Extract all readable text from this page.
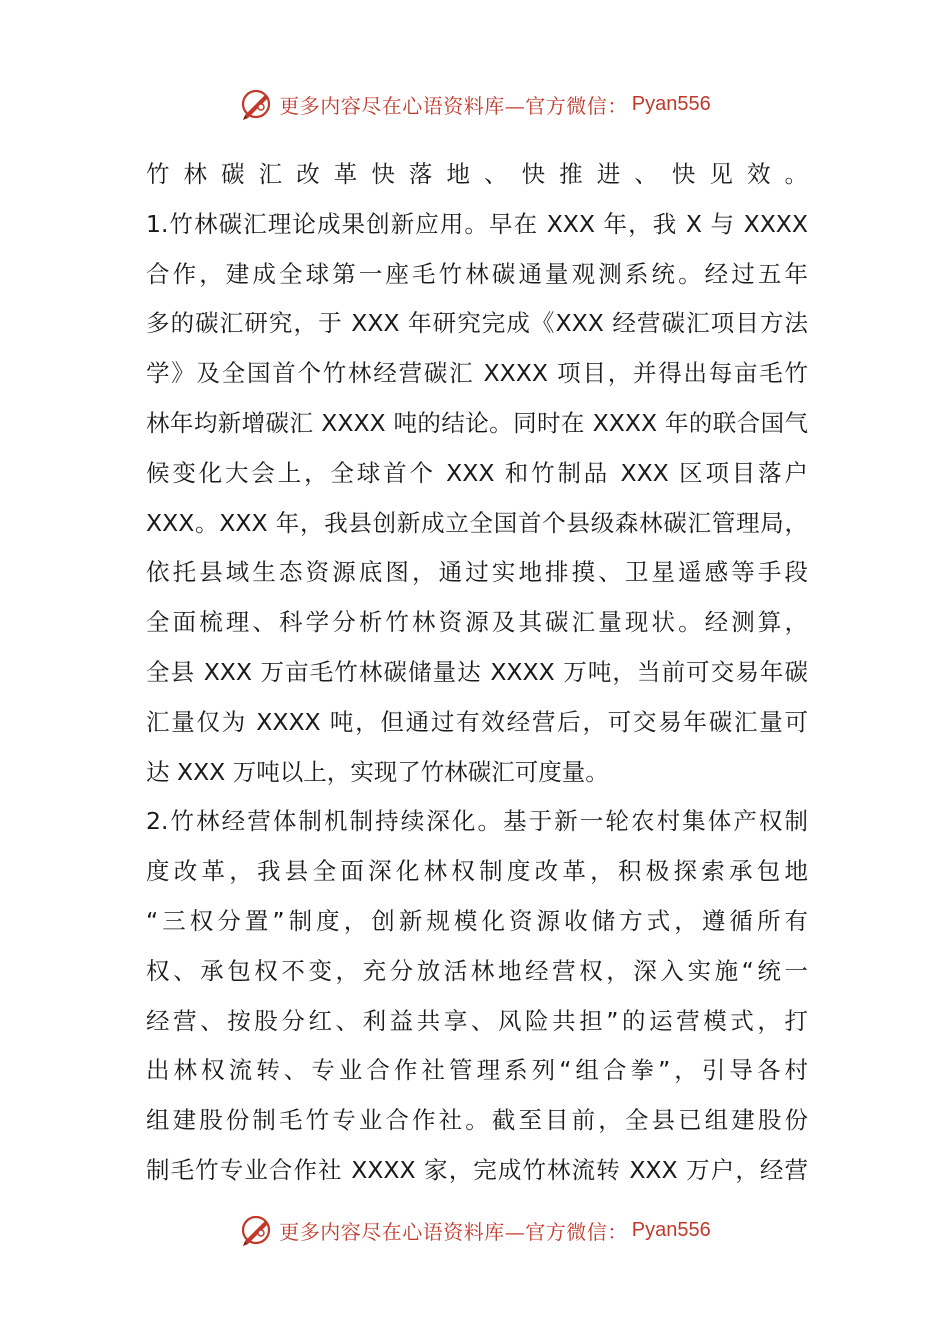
更多内容尽在心语资料库—官方微信： Pyan556
竹林碳汇改革快落地、快推进、快见效。
1.竹林碳汇理论成果创新应用。早在 XXX 年，我 X 与 XXXX
合作，建成全球第一座毛竹林碳通量观测系统。经过五年
多的碳汇研究，于 XXX 年研究完成《XXX 经营碳汇项目方法
学》及全国首个竹林经营碳汇 XXXX 项目，并得出每亩毛竹
林年均新增碳汇 XXXX 吨的结论。同时在 XXXX 年的联合国气
候变化大会上，全球首个 XXX 和竹制品 XXX 区项目落户
XXX。XXX 年，我县创新成立全国首个县级森林碳汇管理局，
依托县域生态资源底图，通过实地排摸、卫星遥感等手段
全面梳理、科学分析竹林资源及其碳汇量现状。经测算，
全县 XXX 万亩毛竹林碳储量达 XXXX 万吨，当前可交易年碳
汇量仅为 XXXX 吨，但通过有效经营后，可交易年碳汇量可
达 XXX 万吨以上，实现了竹林碳汇可度量。
2.竹林经营体制机制持续深化。基于新一轮农村集体产权制
度改革，我县全面深化林权制度改革，积极探索承包地
“三权分置”制度，创新规模化资源收储方式，遵循所有
权、承包权不变，充分放活林地经营权，深入实施“统一
经营、按股分红、利益共享、风险共担”的运营模式，打
出林权流转、专业合作社管理系列“组合拳”，引导各村
组建股份制毛竹专业合作社。截至目前，全县已组建股份
制毛竹专业合作社 XXXX 家，完成竹林流转 XXX 万户，经营
更多内容尽在心语资料库—官方微信： Pyan556
